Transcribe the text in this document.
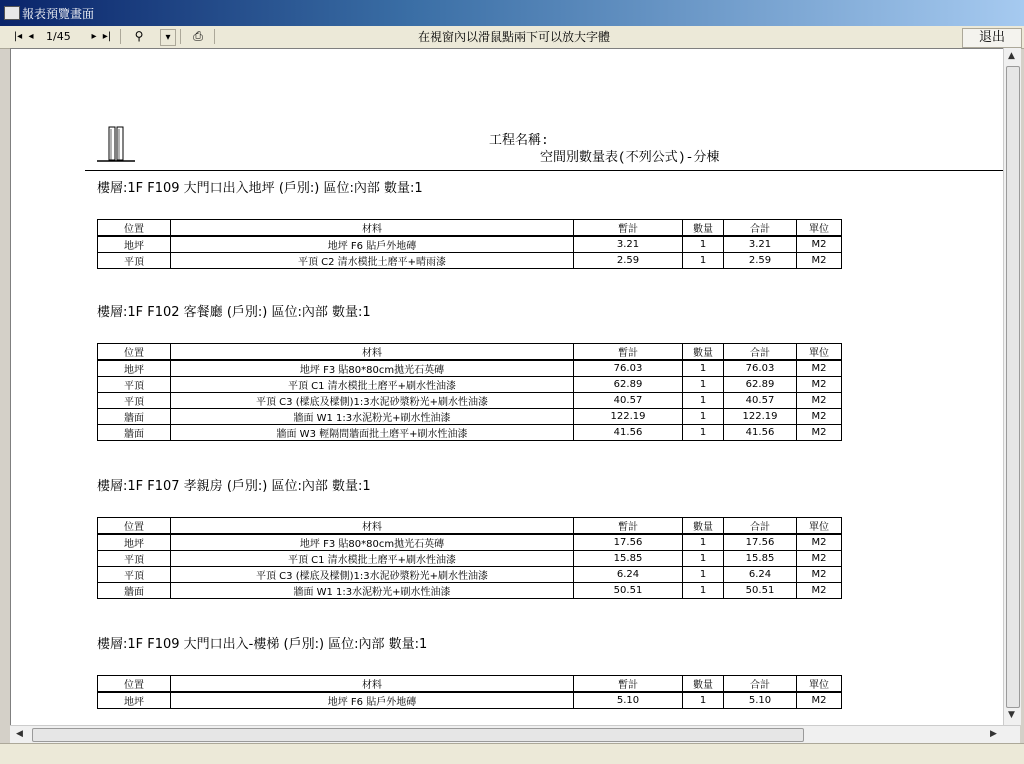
報表預覽畫面
|◂ ◂	1/45	▸ ▸|	⚲	▾	⎙	在視窗內以滑鼠點兩下可以放大字體	退出
工程名稱:
空間別數量表(不列公式)-分棟
樓層:1F F109 大門口出入地坪 (戶別:) 區位:內部 數量:1
位置	材料	暫計	數量	合計	單位
地坪	地坪 F6 貼戶外地磚	3.21	1	3.21	M2
平頂	平頂 C2 清水模批土磨平+晴雨漆	2.59	1	2.59	M2
樓層:1F F102 客餐廳 (戶別:) 區位:內部 數量:1
位置	材料	暫計	數量	合計	單位
地坪	地坪 F3 貼80*80cm拋光石英磚	76.03	1	76.03	M2
平頂	平頂 C1 清水模批土磨平+刷水性油漆	62.89	1	62.89	M2
平頂	平頂 C3 (樑底及樑側)1:3水泥砂漿粉光+刷水性油漆	40.57	1	40.57	M2
牆面	牆面 W1 1:3水泥粉光+刷水性油漆	122.19	1	122.19	M2
牆面	牆面 W3 輕隔間牆面批土磨平+刷水性油漆	41.56	1	41.56	M2
樓層:1F F107 孝親房 (戶別:) 區位:內部 數量:1
位置	材料	暫計	數量	合計	單位
地坪	地坪 F3 貼80*80cm拋光石英磚	17.56	1	17.56	M2
平頂	平頂 C1 清水模批土磨平+刷水性油漆	15.85	1	15.85	M2
平頂	平頂 C3 (樑底及樑側)1:3水泥砂漿粉光+刷水性油漆	6.24	1	6.24	M2
牆面	牆面 W1 1:3水泥粉光+刷水性油漆	50.51	1	50.51	M2
樓層:1F F109 大門口出入-樓梯 (戶別:) 區位:內部 數量:1
位置	材料	暫計	數量	合計	單位
地坪	地坪 F6 貼戶外地磚	5.10	1	5.10	M2
▲
▼
◀	▶
